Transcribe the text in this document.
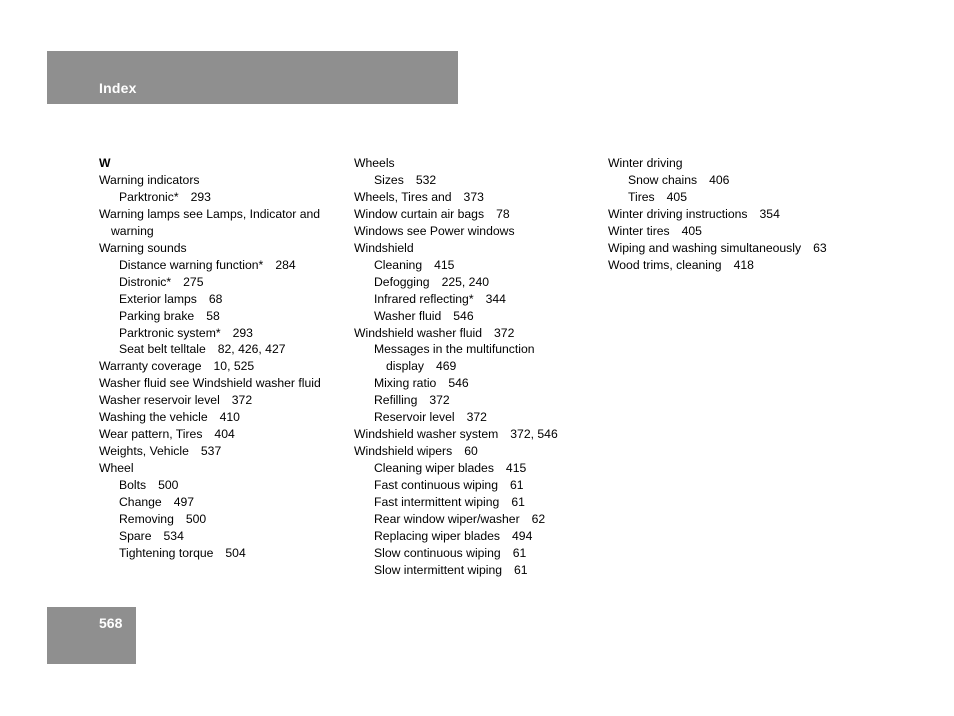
Index
W
Warning indicators
Parktronic* 293
Warning lamps see Lamps, Indicator and
warning
Warning sounds
Distance warning function* 284
Distronic* 275
Exterior lamps 68
Parking brake 58
Parktronic system* 293
Seat belt telltale 82, 426, 427
Warranty coverage 10, 525
Washer fluid see Windshield washer fluid
Washer reservoir level 372
Washing the vehicle 410
Wear pattern, Tires 404
Weights, Vehicle 537
Wheel
Bolts 500
Change 497
Removing 500
Spare 534
Tightening torque 504
Wheels
Sizes 532
Wheels, Tires and 373
Window curtain air bags 78
Windows see Power windows
Windshield
Cleaning 415
Defogging 225, 240
Infrared reflecting* 344
Washer fluid 546
Windshield washer fluid 372
Messages in the multifunction
display 469
Mixing ratio 546
Refilling 372
Reservoir level 372
Windshield washer system 372, 546
Windshield wipers 60
Cleaning wiper blades 415
Fast continuous wiping 61
Fast intermittent wiping 61
Rear window wiper/washer 62
Replacing wiper blades 494
Slow continuous wiping 61
Slow intermittent wiping 61
Winter driving
Snow chains 406
Tires 405
Winter driving instructions 354
Winter tires 405
Wiping and washing simultaneously 63
Wood trims, cleaning 418
568
